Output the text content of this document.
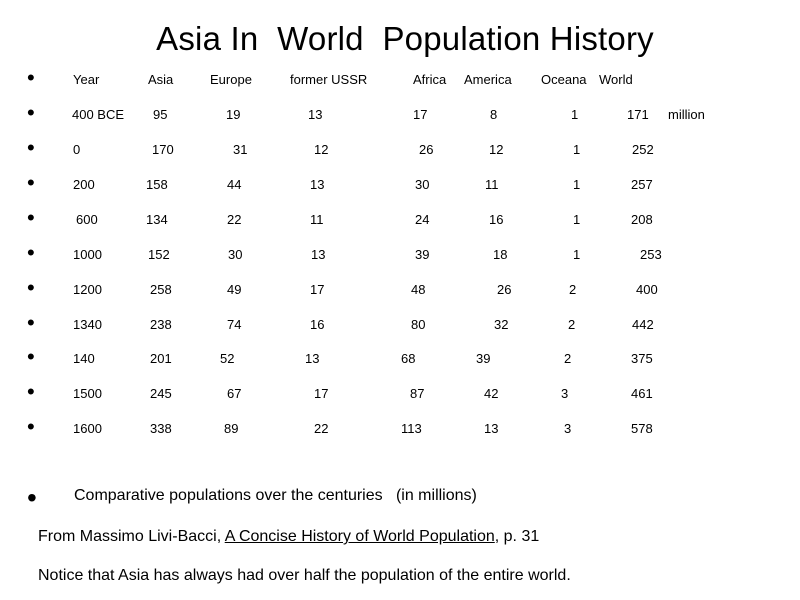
Asia In  World  Population History
•
•
•
•
•
•
•
•
•
•
•
Year	Asia	Europe	former USSR	Africa America Oceana World
400 BCE 95	19	13	17	8	1	171
0	170	31	12	26	12	1	252
200	158	44	13	30	11	1	257
600	134	22	11	24	16	1	208
1000	152	30	13	39	18	1	253
1200	258	49	17	48	26	2	400
1340	238	74	16	80	32	2	442
140	201	52	13	68	39	2	375
1500	245	67	17	87	42	3	461
1600	338	89	22	113	13	3	578
million
• Comparative populations over the centuries   (in millions)
From Massimo Livi-Bacci, A Concise History of World Population, p. 31
Notice that Asia has always had over half the population of the entire world.
